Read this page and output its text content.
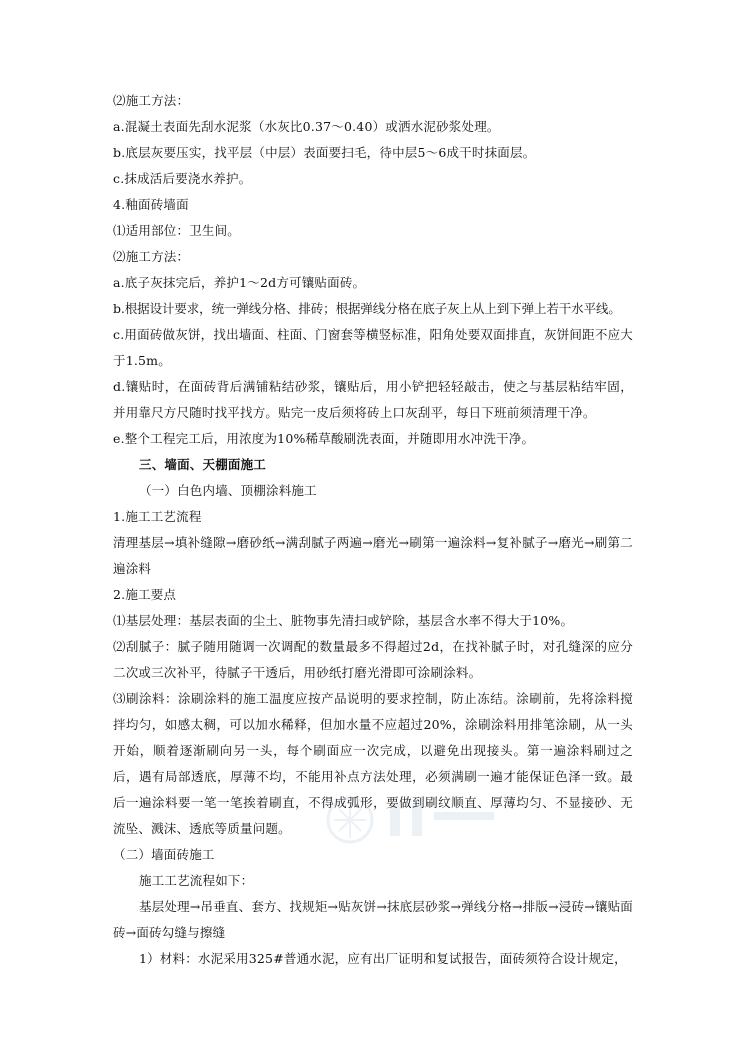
⑵施工方法：
a.混凝土表面先刮水泥浆（水灰比0.37～0.40）或洒水泥砂浆处理。
b.底层灰要压实，找平层（中层）表面要扫毛，待中层5～6成干时抹面层。
c.抹成活后要浇水养护。
4.釉面砖墙面
⑴适用部位：卫生间。
⑵施工方法：
a.底子灰抹完后，养护1～2d方可镶贴面砖。
b.根据设计要求，统一弹线分格、排砖；根据弹线分格在底子灰上从上到下弹上若干水平线。
c.用面砖做灰饼，找出墙面、柱面、门窗套等横竖标准，阳角处要双面排直，灰饼间距不应大于1.5m。
d.镶贴时，在面砖背后满铺粘结砂浆，镶贴后，用小铲把轻轻敲击，使之与基层粘结牢固，并用靠尺方尺随时找平找方。贴完一皮后须将砖上口灰刮平，每日下班前须清理干净。
e.整个工程完工后，用浓度为10%稀草酸刷洗表面，并随即用水冲洗干净。
三、墙面、天棚面施工
（一）白色内墙、顶棚涂料施工
1.施工工艺流程
清理基层→填补缝隙→磨砂纸→满刮腻子两遍→磨光→刷第一遍涂料→复补腻子→磨光→刷第二遍涂料
2.施工要点
⑴基层处理：基层表面的尘土、脏物事先清扫或铲除，基层含水率不得大于10%。
⑵刮腻子：腻子随用随调一次调配的数量最多不得超过2d，在找补腻子时，对孔缝深的应分二次或三次补平，待腻子干透后，用砂纸打磨光滑即可涂刷涂料。
⑶刷涂料：涂刷涂料的施工温度应按产品说明的要求控制，防止冻结。涂刷前，先将涂料搅拌均匀，如感太稠，可以加水稀释，但加水量不应超过20%，涂刷涂料用排笔涂刷，从一头开始，顺着逐渐刷向另一头，每个刷面应一次完成，以避免出现接头。第一遍涂料刷过之后，遇有局部透底，厚薄不均，不能用补点方法处理，必须满刷一遍才能保证色泽一致。最后一遍涂料要一笔一笔挨着刷直，不得成弧形，要做到刷纹顺直、厚薄均匀、不显接砂、无流坠、溅沫、透底等质量问题。
（二）墙面砖施工
施工工艺流程如下：
基层处理→吊垂直、套方、找规矩→贴灰饼→抹底层砂浆→弹线分格→排版→浸砖→镶贴面砖→面砖勾缝与擦缝
1）材料：水泥采用325#普通水泥，应有出厂证明和复试报告，面砖须符合设计规定，
